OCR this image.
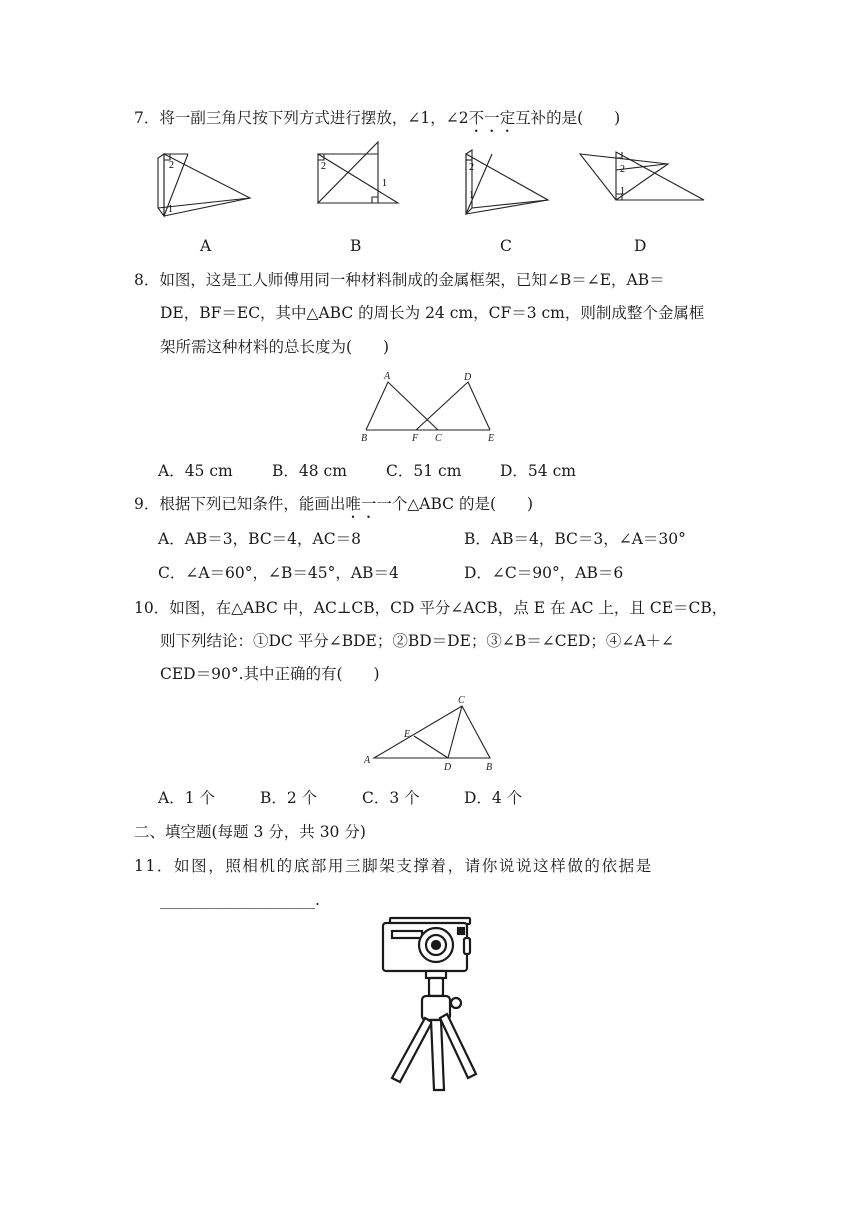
7．将一副三角尺按下列方式进行摆放，∠1，∠2不一定互补的是(　　)
2
1
A
2
1
B
2
1
C
2
1
D
8．如图，这是工人师傅用同一种材料制成的金属框架，已知∠B＝∠E，AB＝
DE，BF＝EC，其中△ABC 的周长为 24 cm，CF＝3 cm，则制成整个金属框
架所需这种材料的总长度为(　　)
A	D
B	F C	E
A．45 cm	B．48 cm	C．51 cm D．54 cm
9．根据下列已知条件，能画出唯一一个△ABC 的是(　　)
A．AB＝3，BC＝4，AC＝8	B．AB＝4，BC＝3，∠A＝30°
C．∠A＝60°，∠B＝45°，AB＝4	D．∠C＝90°，AB＝6
10．如图，在△ABC 中，AC⊥CB，CD 平分∠ACB，点 E 在 AC 上，且 CE＝CB，
则下列结论：①DC 平分∠BDE；②BD＝DE；③∠B＝∠CED；④∠A＋∠
CED＝90°.其中正确的有(　　)
C
E
A
D	B
A．1 个	B．2 个	C．3 个	D．4 个
二、填空题(每题 3 分，共 30 分)
11．如图，照相机的底部用三脚架支撑着，请你说说这样做的依据是
____________________.
